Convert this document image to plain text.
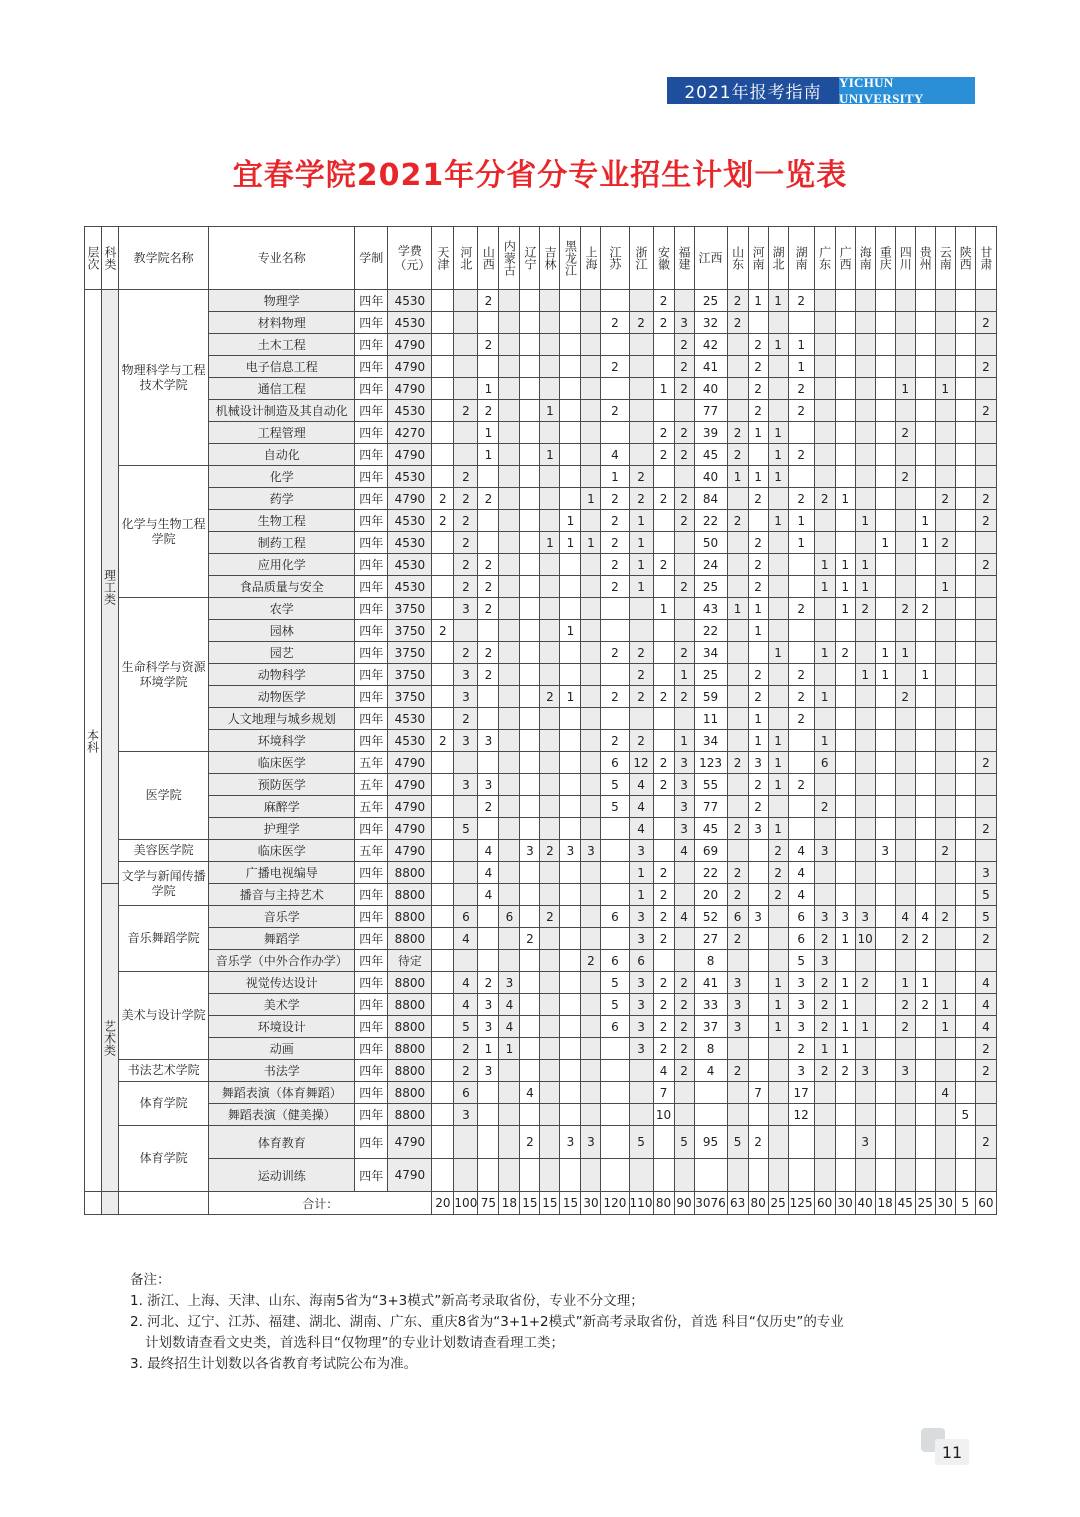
2021年报考指南
YICHUN UNIVERSITY
宜春学院2021年分省分专业招生计划一览表
层次	科类	教学院名称	专业名称	学制	学费（元）	天津	河北	山西	内蒙古	辽宁	吉林	黑龙江	上海	江苏	浙江	安徽	福建	江西	山东	河南	湖北	湖南	广东	广西	海南	重庆	四川	贵州	云南	陕西	甘肃
本科	理工类	物理科学与工程技术学院	物理学	四年	4530			2								2		25	2	1	1	2									
			材料物理	四年	4530									2	2	2	3	32	2												2
			土木工程	四年	4790			2									2	42		2	1	1									
			电子信息工程	四年	4790									2			2	41		2		1									2
			通信工程	四年	4790			1								1	2	40		2		2					1		1		
			机械设计制造及其自动化	四年	4530		2	2			1			2				77		2		2									2
			工程管理	四年	4270			1								2	2	39	2	1	1						2				
			自动化	四年	4790			1			1			4		2	2	45	2		1	2									
		化学与生物工程学院	化学	四年	4530		2							1	2			40	1	1	1						2				
			药学	四年	4790	2	2	2					1	2	2	2	2	84		2		2	2	1					2		2
			生物工程	四年	4530	2	2					1		2	1		2	22	2		1	1			1			1			2
			制药工程	四年	4530		2				1	1	1	2	1			50		2		1				1		1	2		
			应用化学	四年	4530		2	2						2	1	2		24		2			1	1	1						2
			食品质量与安全	四年	4530		2	2						2	1		2	25		2			1	1	1				1		
		生命科学与资源环境学院	农学	四年	3750		3	2								1		43	1	1		2		1	2		2	2			
			园林	四年	3750	2						1						22		1											
			园艺	四年	3750		2	2						2	2		2	34			1		1	2		1	1				
			动物科学	四年	3750		3	2							2		1	25		2		2			1	1		1			
			动物医学	四年	3750		3				2	1		2	2	2	2	59		2		2	1				2				
			人文地理与城乡规划	四年	4530		2											11		1		2									
			环境科学	四年	4530	2	3	3						2	2		1	34		1	1		1								
		医学院	临床医学	五年	4790									6	12	2	3	123	2	3	1		6								2
			预防医学	五年	4790		3	3						5	4	2	3	55		2	1	2									
			麻醉学	五年	4790			2						5	4		3	77		2			2								
			护理学	四年	4790		5								4		3	45	2	3	1										2
		美容医学院	临床医学	五年	4790			4		3	2	3	3		3		4	69			2	4	3			3			2		
		文学与新闻传播学院	广播电视编导	四年	8800			4							1	2		22	2		2	4									3
	艺术类		播音与主持艺术	四年	8800			4							1	2		20	2		2	4									5
		音乐舞蹈学院	音乐学	四年	8800		6		6		2			6	3	2	4	52	6	3		6	3	3	3		4	4	2		5
			舞蹈学	四年	8800		4			2					3	2		27	2			6	2	1	10		2	2			2
			音乐学（中外合作办学）	四年	待定								2	6	6			8				5	3								
		美术与设计学院	视觉传达设计	四年	8800		4	2	3					5	3	2	2	41	3		1	3	2	1	2		1	1			4
			美术学	四年	8800		4	3	4					5	3	2	2	33	3		1	3	2	1			2	2	1		4
			环境设计	四年	8800		5	3	4					6	3	2	2	37	3		1	3	2	1	1		2		1		4
			动画	四年	8800		2	1	1						3	2	2	8				2	1	1							2
		书法艺术学院	书法学	四年	8800		2	3								4	2	4	2			3	2	2	3		3				2
		体育学院	舞蹈表演（体育舞蹈）	四年	8800		6			4						7				7		17							4		
			舞蹈表演（健美操）	四年	8800		3									10						12								5	
		体育学院	体育教育	四年	4790					2		3	3		5		5	95	5	2					3						2
			运动训练	四年	4790																										
			合计：			20	100	75	18	15	15	15	30	120	110	80	90	3076	63	80	25	125	60	30	40	18	45	25	30	5	60
备注：
1. 浙江、上海、天津、山东、海南5省为“3+3模式”新高考录取省份，专业不分文理；
2. 河北、辽宁、江苏、福建、湖北、湖南、广东、重庆8省为“3+1+2模式”新高考录取省份，首选 科目“仅历史”的专业
计划数请查看文史类，首选科目“仅物理”的专业计划数请查看理工类；
3. 最终招生计划数以各省教育考试院公布为准。
11
